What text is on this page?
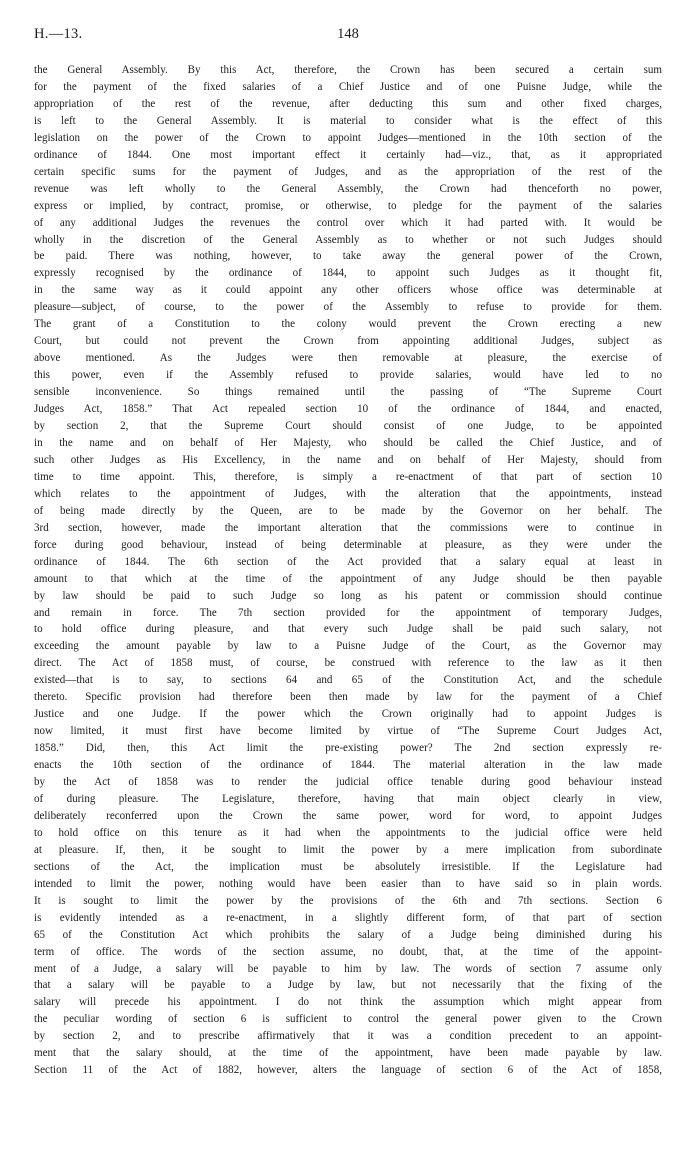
H.—13.	148

the General Assembly. By this Act, therefore, the Crown has been secured a certain sum
for the payment of the fixed salaries of a Chief Justice and of one Puisne Judge, while the
appropriation of the rest of the revenue, after deducting this sum and other fixed charges,
is left to the General Assembly. It is material to consider what is the effect of this
legislation on the power of the Crown to appoint Judges—mentioned in the 10th section of the
ordinance of 1844. One most important effect it certainly had—viz., that, as it appropriated
certain specific sums for the payment of Judges, and as the appropriation of the rest of the
revenue was left wholly to the General Assembly, the Crown had thenceforth no power,
express or implied, by contract, promise, or otherwise, to pledge for the payment of the salaries
of any additional Judges the revenues the control over which it had parted with. It would be
wholly in the discretion of the General Assembly as to whether or not such Judges should
be paid. There was nothing, however, to take away the general power of the Crown,
expressly recognised by the ordinance of 1844, to appoint such Judges as it thought fit,
in the same way as it could appoint any other officers whose office was determinable at
pleasure—subject, of course, to the power of the Assembly to refuse to provide for them.
The grant of a Constitution to the colony would prevent the Crown erecting a new
Court, but could not prevent the Crown from appointing additional Judges, subject as
above mentioned. As the Judges were then removable at pleasure, the exercise of
this power, even if the Assembly refused to provide salaries, would have led to no
sensible inconvenience. So things remained until the passing of “The Supreme Court
Judges Act, 1858.” That Act repealed section 10 of the ordinance of 1844, and enacted,
by section 2, that the Supreme Court should consist of one Judge, to be appointed
in the name and on behalf of Her Majesty, who should be called the Chief Justice, and of
such other Judges as His Excellency, in the name and on behalf of Her Majesty, should from
time to time appoint. This, therefore, is simply a re-enactment of that part of section 10
which relates to the appointment of Judges, with the alteration that the appointments, instead
of being made directly by the Queen, are to be made by the Governor on her behalf. The
3rd section, however, made the important alteration that the commissions were to continue in
force during good behaviour, instead of being determinable at pleasure, as they were under the
ordinance of 1844. The 6th section of the Act provided that a salary equal at least in
amount to that which at the time of the appointment of any Judge should be then payable
by law should be paid to such Judge so long as his patent or commission should continue
and remain in force. The 7th section provided for the appointment of temporary Judges,
to hold office during pleasure, and that every such Judge shall be paid such salary, not
exceeding the amount payable by law to a Puisne Judge of the Court, as the Governor may
direct. The Act of 1858 must, of course, be construed with reference to the law as it then
existed—that is to say, to sections 64 and 65 of the Constitution Act, and the schedule
thereto. Specific provision had therefore been then made by law for the payment of a Chief
Justice and one Judge. If the power which the Crown originally had to appoint Judges is
now limited, it must first have become limited by virtue of “The Supreme Court Judges Act,
1858.” Did, then, this Act limit the pre-existing power? The 2nd section expressly re-
enacts the 10th section of the ordinance of 1844. The material alteration in the law made
by the Act of 1858 was to render the judicial office tenable during good behaviour instead
of during pleasure. The Legislature, therefore, having that main object clearly in view,
deliberately reconferred upon the Crown the same power, word for word, to appoint Judges
to hold office on this tenure as it had when the appointments to the judicial office were held
at pleasure. If, then, it be sought to limit the power by a mere implication from subordinate
sections of the Act, the implication must be absolutely irresistible. If the Legislature had
intended to limit the power, nothing would have been easier than to have said so in plain words.
It is sought to limit the power by the provisions of the 6th and 7th sections. Section 6
is evidently intended as a re-enactment, in a slightly different form, of that part of section
65 of the Constitution Act which prohibits the salary of a Judge being diminished during his
term of office. The words of the section assume, no doubt, that, at the time of the appoint-
ment of a Judge, a salary will be payable to him by law. The words of section 7 assume only
that a salary will be payable to a Judge by law, but not necessarily that the fixing of the
salary will precede his appointment. I do not think the assumption which might appear from
the peculiar wording of section 6 is sufficient to control the general power given to the Crown
by section 2, and to prescribe affirmatively that it was a condition precedent to an appoint-
ment that the salary should, at the time of the appointment, have been made payable by law.
Section 11 of the Act of 1882, however, alters the language of section 6 of the Act of 1858,
